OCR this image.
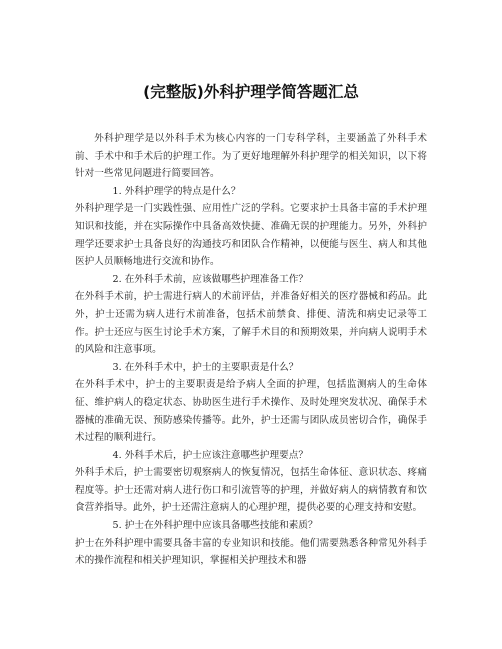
(完整版)外科护理学简答题汇总

外科护理学是以外科手术为核心内容的一门专科学科，主要涵盖了外科手术前、手术中和手术后的护理工作。为了更好地理解外科护理学的相关知识，以下将针对一些常见问题进行简要回答。

1. 外科护理学的特点是什么？

外科护理学是一门实践性强、应用性广泛的学科。它要求护士具备丰富的手术护理知识和技能，并在实际操作中具备高效快捷、准确无误的护理能力。另外，外科护理学还要求护士具备良好的沟通技巧和团队合作精神，以便能与医生、病人和其他医护人员顺畅地进行交流和协作。

2. 在外科手术前，应该做哪些护理准备工作？

在外科手术前，护士需进行病人的术前评估，并准备好相关的医疗器械和药品。此外，护士还需为病人进行术前准备，包括术前禁食、排便、清洗和病史记录等工作。护士还应与医生讨论手术方案，了解手术目的和预期效果，并向病人说明手术的风险和注意事项。

3. 在外科手术中，护士的主要职责是什么？

在外科手术中，护士的主要职责是给予病人全面的护理，包括监测病人的生命体征、维护病人的稳定状态、协助医生进行手术操作、及时处理突发状况、确保手术器械的准确无误、预防感染传播等。此外，护士还需与团队成员密切合作，确保手术过程的顺利进行。

4. 外科手术后，护士应该注意哪些护理要点？

外科手术后，护士需要密切观察病人的恢复情况，包括生命体征、意识状态、疼痛程度等。护士还需对病人进行伤口和引流管等的护理，并做好病人的病情教育和饮食营养指导。此外，护士还需注意病人的心理护理，提供必要的心理支持和安慰。

5. 护士在外科护理中应该具备哪些技能和素质？

护士在外科护理中需要具备丰富的专业知识和技能。他们需要熟悉各种常见外科手术的操作流程和相关护理知识，掌握相关护理技术和器
